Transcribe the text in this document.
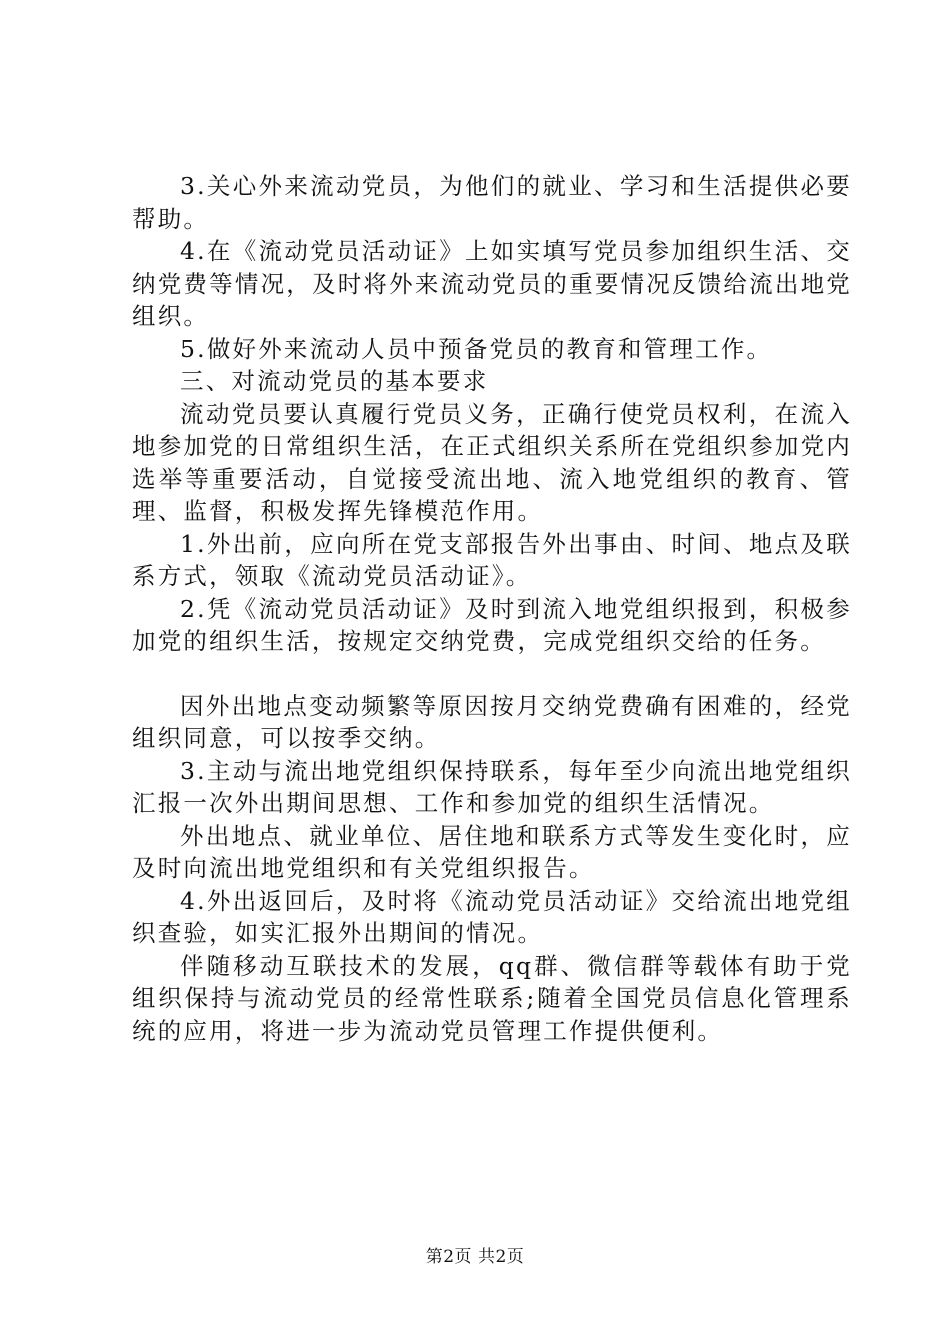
3.关心外来流动党员，为他们的就业、学习和生活提供必要帮助。

4.在《流动党员活动证》上如实填写党员参加组织生活、交纳党费等情况，及时将外来流动党员的重要情况反馈给流出地党组织。

5.做好外来流动人员中预备党员的教育和管理工作。

三、对流动党员的基本要求

流动党员要认真履行党员义务，正确行使党员权利，在流入地参加党的日常组织生活，在正式组织关系所在党组织参加党内选举等重要活动，自觉接受流出地、流入地党组织的教育、管理、监督，积极发挥先锋模范作用。

1.外出前，应向所在党支部报告外出事由、时间、地点及联系方式，领取《流动党员活动证》。

2.凭《流动党员活动证》及时到流入地党组织报到，积极参加党的组织生活，按规定交纳党费，完成党组织交给的任务。

因外出地点变动频繁等原因按月交纳党费确有困难的，经党组织同意，可以按季交纳。

3.主动与流出地党组织保持联系，每年至少向流出地党组织汇报一次外出期间思想、工作和参加党的组织生活情况。

外出地点、就业单位、居住地和联系方式等发生变化时，应及时向流出地党组织和有关党组织报告。

4.外出返回后，及时将《流动党员活动证》交给流出地党组织查验，如实汇报外出期间的情况。

伴随移动互联技术的发展，qq群、微信群等载体有助于党组织保持与流动党员的经常性联系;随着全国党员信息化管理系统的应用，将进一步为流动党员管理工作提供便利。

第2页 共2页
